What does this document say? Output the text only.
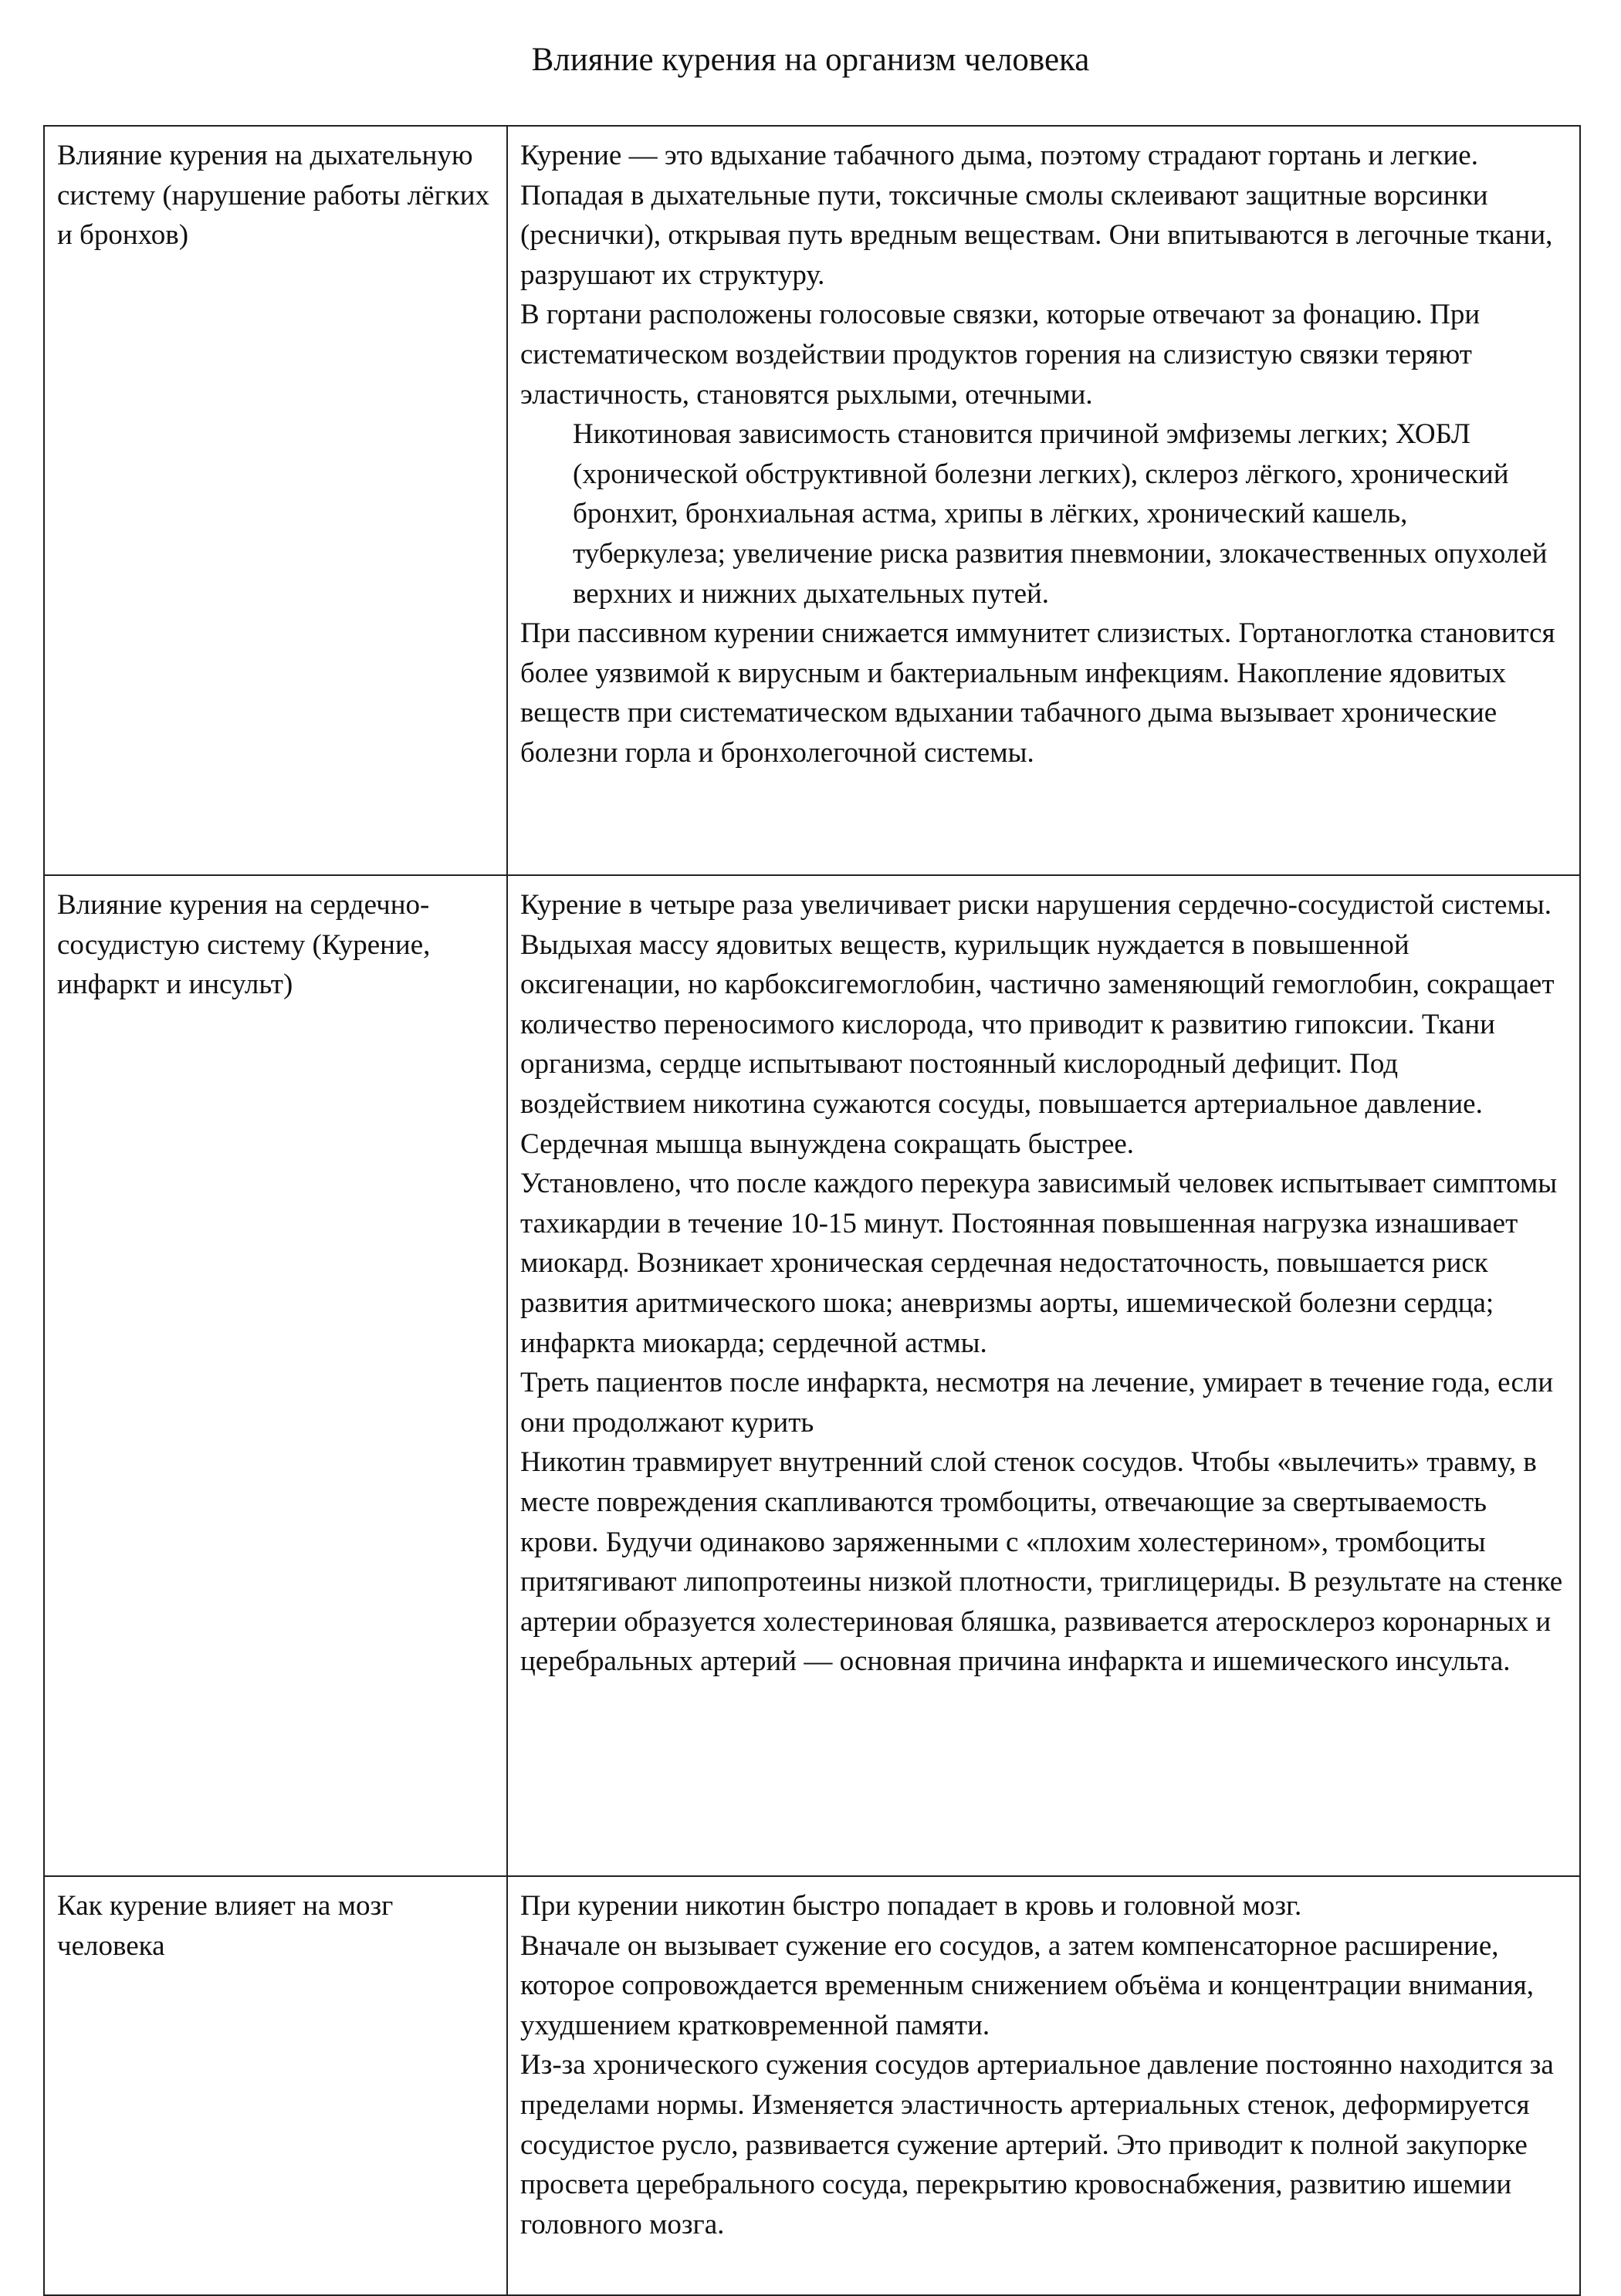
Влияние курения на организм человека
Влияние курения на дыхательную систему (нарушение работы лёгких и бронхов)	Курение — это вдыхание табачного дыма, поэтому страдают гортань и легкие. Попадая в дыхательные пути, токсичные смолы склеивают защитные ворсинки (реснички), открывая путь вредным веществам. Они впитываются в легочные ткани, разрушают их структуру.

В гортани расположены голосовые связки, которые отвечают за фонацию. При систематическом воздействии продуктов горения на слизистую связки теряют эластичность, становятся рыхлыми, отечными.

Никотиновая зависимость становится причиной эмфиземы легких; ХОБЛ (хронической обструктивной болезни легких), склероз лёгкого, хронический бронхит, бронхиальная астма, хрипы в лёгких, хронический кашель, туберкулеза; увеличение риска развития пневмонии, злокачественных опухолей верхних и нижних дыхательных путей.

При пассивном курении снижается иммунитет слизистых. Гортаноглотка становится более уязвимой к вирусным и бактериальным инфекциям. Накопление ядовитых веществ при систематическом вдыхании табачного дыма вызывает хронические болезни горла и бронхолегочной системы.

Влияние курения на сердечно-сосудистую систему (Курение, инфаркт и инсульт)	Курение в четыре раза увеличивает риски нарушения сердечно-сосудистой системы.

Выдыхая массу ядовитых веществ, курильщик нуждается в повышенной оксигенации, но карбоксигемоглобин, частично заменяющий гемоглобин, сокращает количество переносимого кислорода, что приводит к развитию гипоксии. Ткани организма, сердце испытывают постоянный кислородный дефицит. Под воздействием никотина сужаются сосуды, повышается артериальное давление. Сердечная мышца вынуждена сокращать быстрее.

Установлено, что после каждого перекура зависимый человек испытывает симптомы тахикардии в течение 10-15 минут. Постоянная повышенная нагрузка изнашивает миокард. Возникает хроническая сердечная недостаточность, повышается риск развития аритмического шока; аневризмы аорты, ишемической болезни сердца; инфаркта миокарда; сердечной астмы.

Треть пациентов после инфаркта, несмотря на лечение, умирает в течение года, если они продолжают курить

Никотин травмирует внутренний слой стенок сосудов. Чтобы «вылечить» травму, в месте повреждения скапливаются тромбоциты, отвечающие за свертываемость крови. Будучи одинаково заряженными с «плохим холестерином», тромбоциты притягивают липопротеины низкой плотности, триглицериды. В результате на стенке артерии образуется холестериновая бляшка, развивается атеросклероз коронарных и церебральных артерий — основная причина инфаркта и ишемического инсульта.

Как курение влияет на мозг человека	При курении никотин быстро попадает в кровь и головной мозг.

Вначале он вызывает сужение его сосудов, а затем компенсаторное расширение, которое сопровождается временным снижением объёма и концентрации внимания, ухудшением кратковременной памяти.

Из-за хронического сужения сосудов артериальное давление постоянно находится за пределами нормы. Изменяется эластичность артериальных стенок, деформируется сосудистое русло, развивается сужение артерий. Это приводит к полной закупорке просвета церебрального сосуда, перекрытию кровоснабжения, развитию ишемии головного мозга.
